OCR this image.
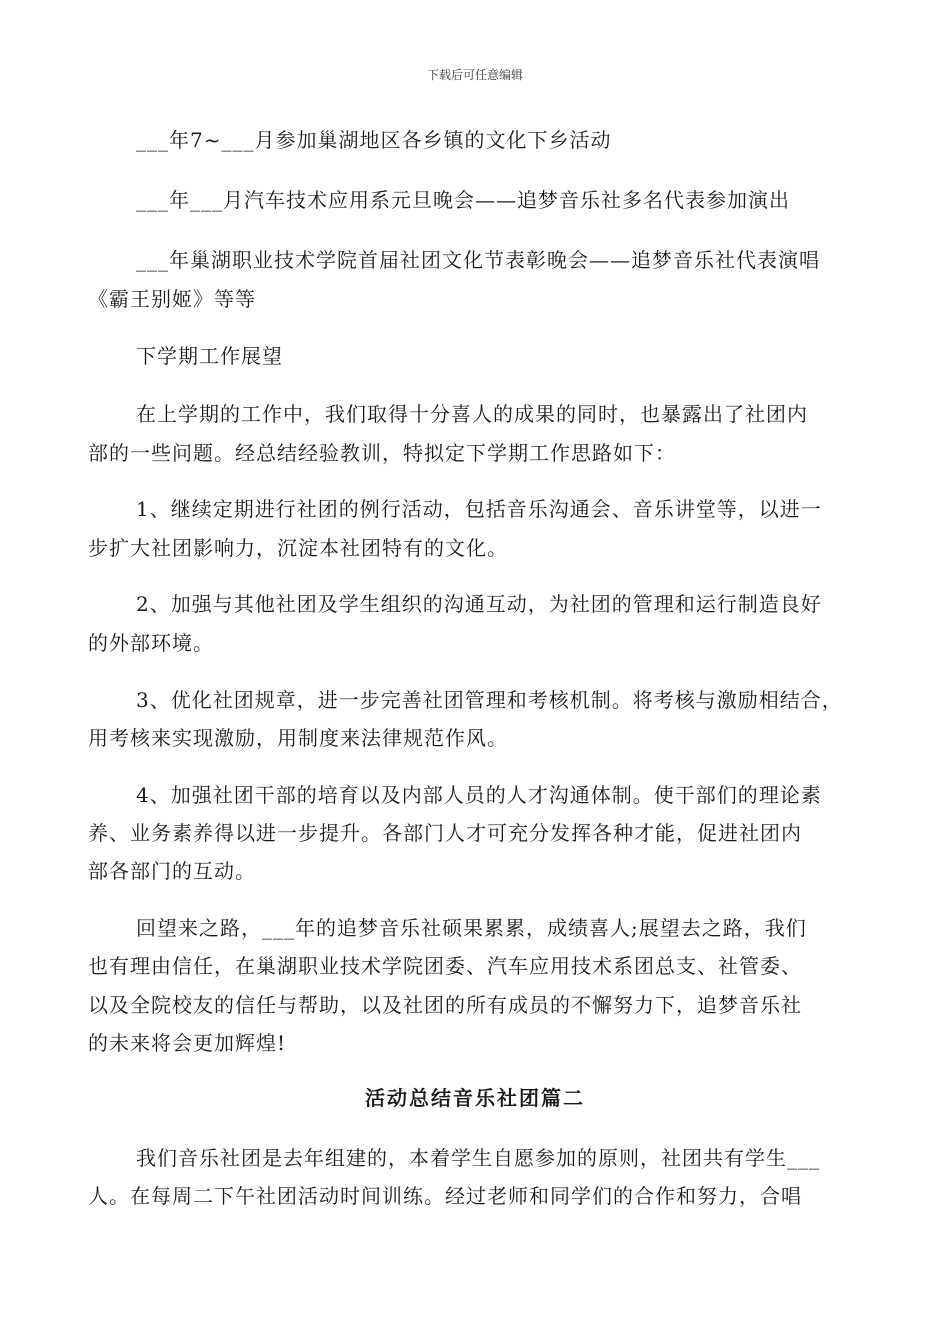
下载后可任意编辑
___年7~___月参加巢湖地区各乡镇的文化下乡活动
___年___月汽车技术应用系元旦晚会——追梦音乐社多名代表参加演出
___年巢湖职业技术学院首届社团文化节表彰晚会——追梦音乐社代表演唱
《霸王别姬》等等
下学期工作展望
在上学期的工作中，我们取得十分喜人的成果的同时，也暴露出了社团内
部的一些问题。经总结经验教训，特拟定下学期工作思路如下：
1、继续定期进行社团的例行活动，包括音乐沟通会、音乐讲堂等，以进一
步扩大社团影响力，沉淀本社团特有的文化。
2、加强与其他社团及学生组织的沟通互动，为社团的管理和运行制造良好
的外部环境。
3、优化社团规章，进一步完善社团管理和考核机制。将考核与激励相结合，
用考核来实现激励，用制度来法律规范作风。
4、加强社团干部的培育以及内部人员的人才沟通体制。使干部们的理论素
养、业务素养得以进一步提升。各部门人才可充分发挥各种才能，促进社团内
部各部门的互动。
回望来之路，___年的追梦音乐社硕果累累，成绩喜人;展望去之路，我们
也有理由信任，在巢湖职业技术学院团委、汽车应用技术系团总支、社管委、
以及全院校友的信任与帮助，以及社团的所有成员的不懈努力下，追梦音乐社
的未来将会更加辉煌!
活动总结音乐社团篇二
我们音乐社团是去年组建的，本着学生自愿参加的原则，社团共有学生___
人。在每周二下午社团活动时间训练。经过老师和同学们的合作和努力，合唱
